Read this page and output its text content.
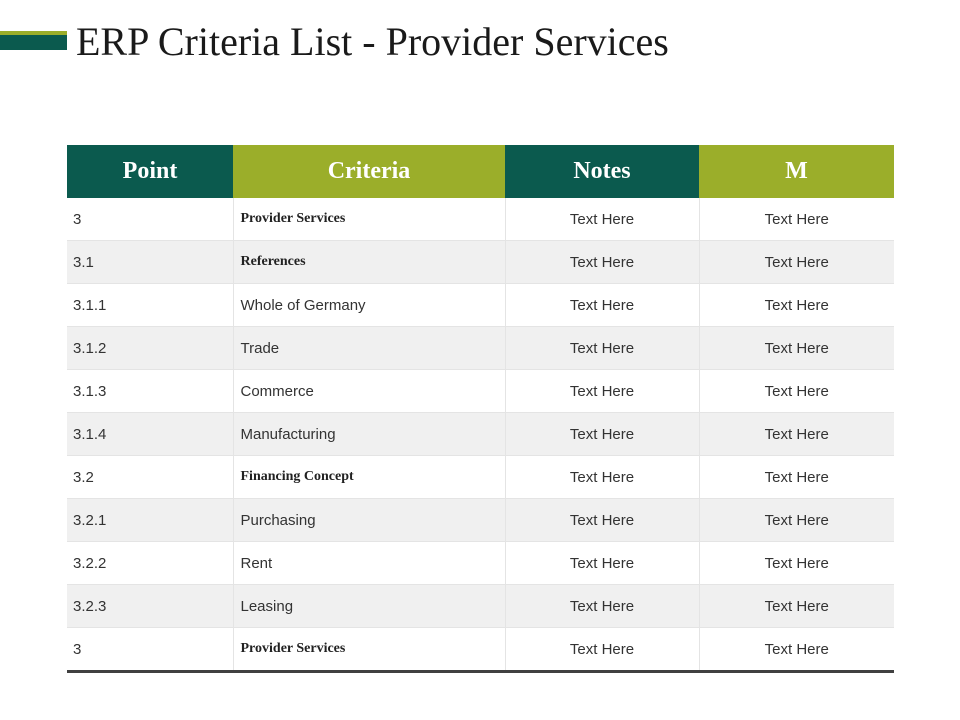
ERP Criteria List - Provider Services
Point	Criteria	Notes	M
3	Provider Services	Text Here	Text Here
3.1	References	Text Here	Text Here
3.1.1	Whole of Germany	Text Here	Text Here
3.1.2	Trade	Text Here	Text Here
3.1.3	Commerce	Text Here	Text Here
3.1.4	Manufacturing	Text Here	Text Here
3.2	Financing Concept	Text Here	Text Here
3.2.1	Purchasing	Text Here	Text Here
3.2.2	Rent	Text Here	Text Here
3.2.3	Leasing	Text Here	Text Here
3	Provider Services	Text Here	Text Here
